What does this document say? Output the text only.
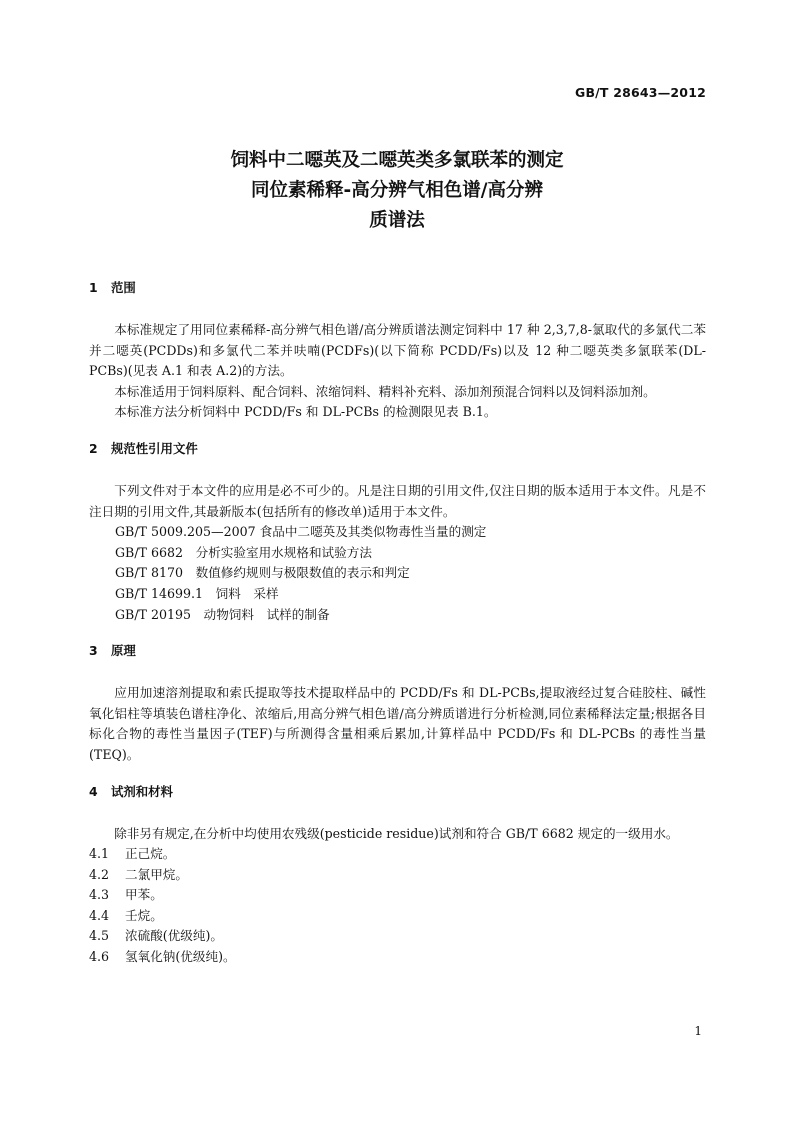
GB/T 28643—2012
饲料中二噁英及二噁英类多氯联苯的测定
同位素稀释-高分辨气相色谱/高分辨
质谱法
1 范围
本标准规定了用同位素稀释-高分辨气相色谱/高分辨质谱法测定饲料中 17 种 2,3,7,8-氯取代的多氯代二苯并二噁英(PCDDs)和多氯代二苯并呋喃(PCDFs)(以下简称 PCDD/Fs)以及 12 种二噁英类多氯联苯(DL-PCBs)(见表 A.1 和表 A.2)的方法。
本标准适用于饲料原料、配合饲料、浓缩饲料、精料补充料、添加剂预混合饲料以及饲料添加剂。
本标准方法分析饲料中 PCDD/Fs 和 DL-PCBs 的检测限见表 B.1。
2 规范性引用文件
下列文件对于本文件的应用是必不可少的。凡是注日期的引用文件,仅注日期的版本适用于本文件。凡是不注日期的引用文件,其最新版本(包括所有的修改单)适用于本文件。
GB/T 5009.205—2007 食品中二噁英及其类似物毒性当量的测定
GB/T 6682　分析实验室用水规格和试验方法
GB/T 8170　数值修约规则与极限数值的表示和判定
GB/T 14699.1　饲料　采样
GB/T 20195　动物饲料　试样的制备
3 原理
应用加速溶剂提取和索氏提取等技术提取样品中的 PCDD/Fs 和 DL-PCBs,提取液经过复合硅胶柱、碱性氧化铝柱等填装色谱柱净化、浓缩后,用高分辨气相色谱/高分辨质谱进行分析检测,同位素稀释法定量;根据各目标化合物的毒性当量因子(TEF)与所测得含量相乘后累加,计算样品中 PCDD/Fs 和 DL-PCBs 的毒性当量(TEQ)。
4 试剂和材料
除非另有规定,在分析中均使用农残级(pesticide residue)试剂和符合 GB/T 6682 规定的一级用水。
4.1 正己烷。
4.2 二氯甲烷。
4.3 甲苯。
4.4 壬烷。
4.5 浓硫酸(优级纯)。
4.6 氢氧化钠(优级纯)。
1
